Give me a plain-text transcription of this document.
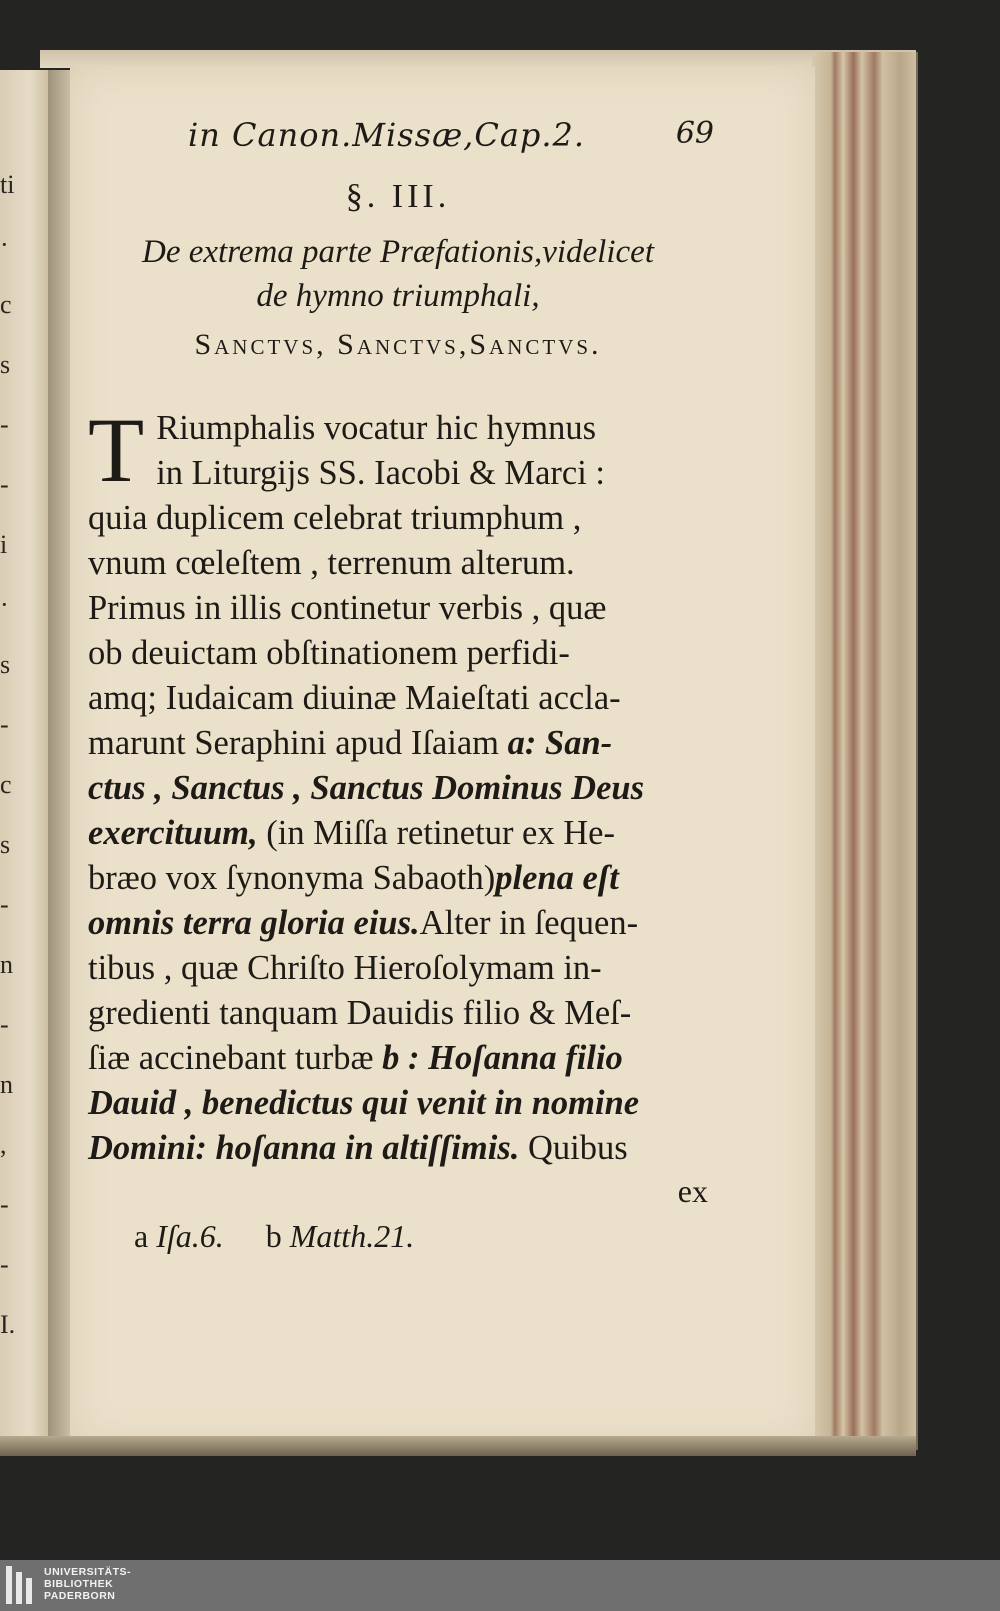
ti
·
c
s
-
-
i
·
s
-
c
s
-
n
-
n
,
-
-
I.
in Canon.Missæ,Cap.2.	69
§. III.
De extrema parte Præfationis,videlicet
de hymno triumphali,
Sanctvs, Sanctvs,Sanctvs.
T Riumphalis vocatur hic hymnus
in Liturgijs SS. Iacobi & Marci :
quia duplicem celebrat triumphum ,
vnum cœleſtem , terrenum alterum.
Primus in illis continetur verbis , quæ
ob deuictam obſtinationem perfidi-
amq; Iudaicam diuinæ Maieſtati accla-
marunt Seraphini apud Iſaiam a: San-
ctus , Sanctus , Sanctus Dominus Deus
exercituum, (in Miſſa retinetur ex He-
bræo vox ſynonyma Sabaoth)plena eſt
omnis terra gloria eius.Alter in ſequen-
tibus , quæ Chriſto Hieroſolymam in-
gredienti tanquam Dauidis filio & Meſ-
ſiæ accinebant turbæ b : Hoſanna filio
Dauid , benedictus qui venit in nomine
Domini: hoſanna in altiſſimis. Quibus
ex
a Iſa.6. b Matth.21.
UNIVERSITÄTS-
BIBLIOTHEK
PADERBORN
